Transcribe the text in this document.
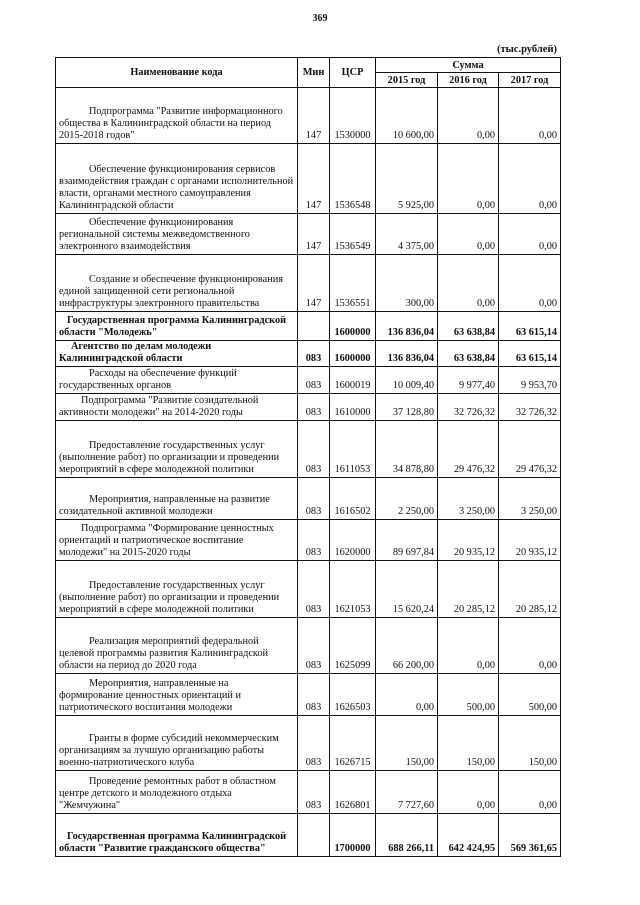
369
(тыс.рублей)
Наименование кода	Мин	ЦСР	Сумма		
			2015 год	2016 год	2017 год

Подпрограмма "Развитие информационного общества в Калининградской области на период 2015-2018 годов"	147	1530000	10 600,00	0,00	0,00

Обеспечение функционирования сервисов взаимодействия граждан с органами исполнительной власти, органами местного самоуправления Калининградской области	147	1536548	5 925,00	0,00	0,00

Обеспечение функционирования региональной системы межведомственного электронного взаимодействия	147	1536549	4 375,00	0,00	0,00

Создание и обеспечение функционирования единой защищенной сети региональной инфраструктуры электронного правительства	147	1536551	300,00	0,00	0,00

Государственная программа Калининградской области "Молодежь"		1600000	136 836,04	63 638,84	63 615,14

Агентство по делам молодежи Калининградской области	083	1600000	136 836,04	63 638,84	63 615,14

Расходы на обеспечение функций государственных органов	083	1600019	10 009,40	9 977,40	9 953,70

Подпрограмма "Развитие созидательной активности молодежи" на 2014-2020 годы	083	1610000	37 128,80	32 726,32	32 726,32

Предоставление государственных услуг (выполнение работ) по организации и проведении мероприятий в сфере молодежной политики	083	1611053	34 878,80	29 476,32	29 476,32

Мероприятия, направленные на развитие созидательной активной молодежи	083	1616502	2 250,00	3 250,00	3 250,00

Подпрограмма "Формирование ценностных ориентаций и патриотическое воспитание молодежи" на 2015-2020 годы	083	1620000	89 697,84	20 935,12	20 935,12

Предоставление государственных услуг (выполнение работ) по организации и проведении мероприятий в сфере молодежной политики	083	1621053	15 620,24	20 285,12	20 285,12

Реализация мероприятий федеральной целевой программы развития Калининградской области на период до 2020 года	083	1625099	66 200,00	0,00	0,00

Мероприятия, направленные на формирование ценностных ориентаций и патриотического воспитания молодежи	083	1626503	0,00	500,00	500,00

Гранты в форме субсидий некоммерческим организациям за лучшую организацию работы военно-патриотического клуба	083	1626715	150,00	150,00	150,00

Проведение ремонтных работ в областном центре детского и молодежного отдыха "Жемчужина"	083	1626801	7 727,60	0,00	0,00

Государственная программа Калининградской области "Развитие гражданского общества"		1700000	688 266,11	642 424,95	569 361,65
